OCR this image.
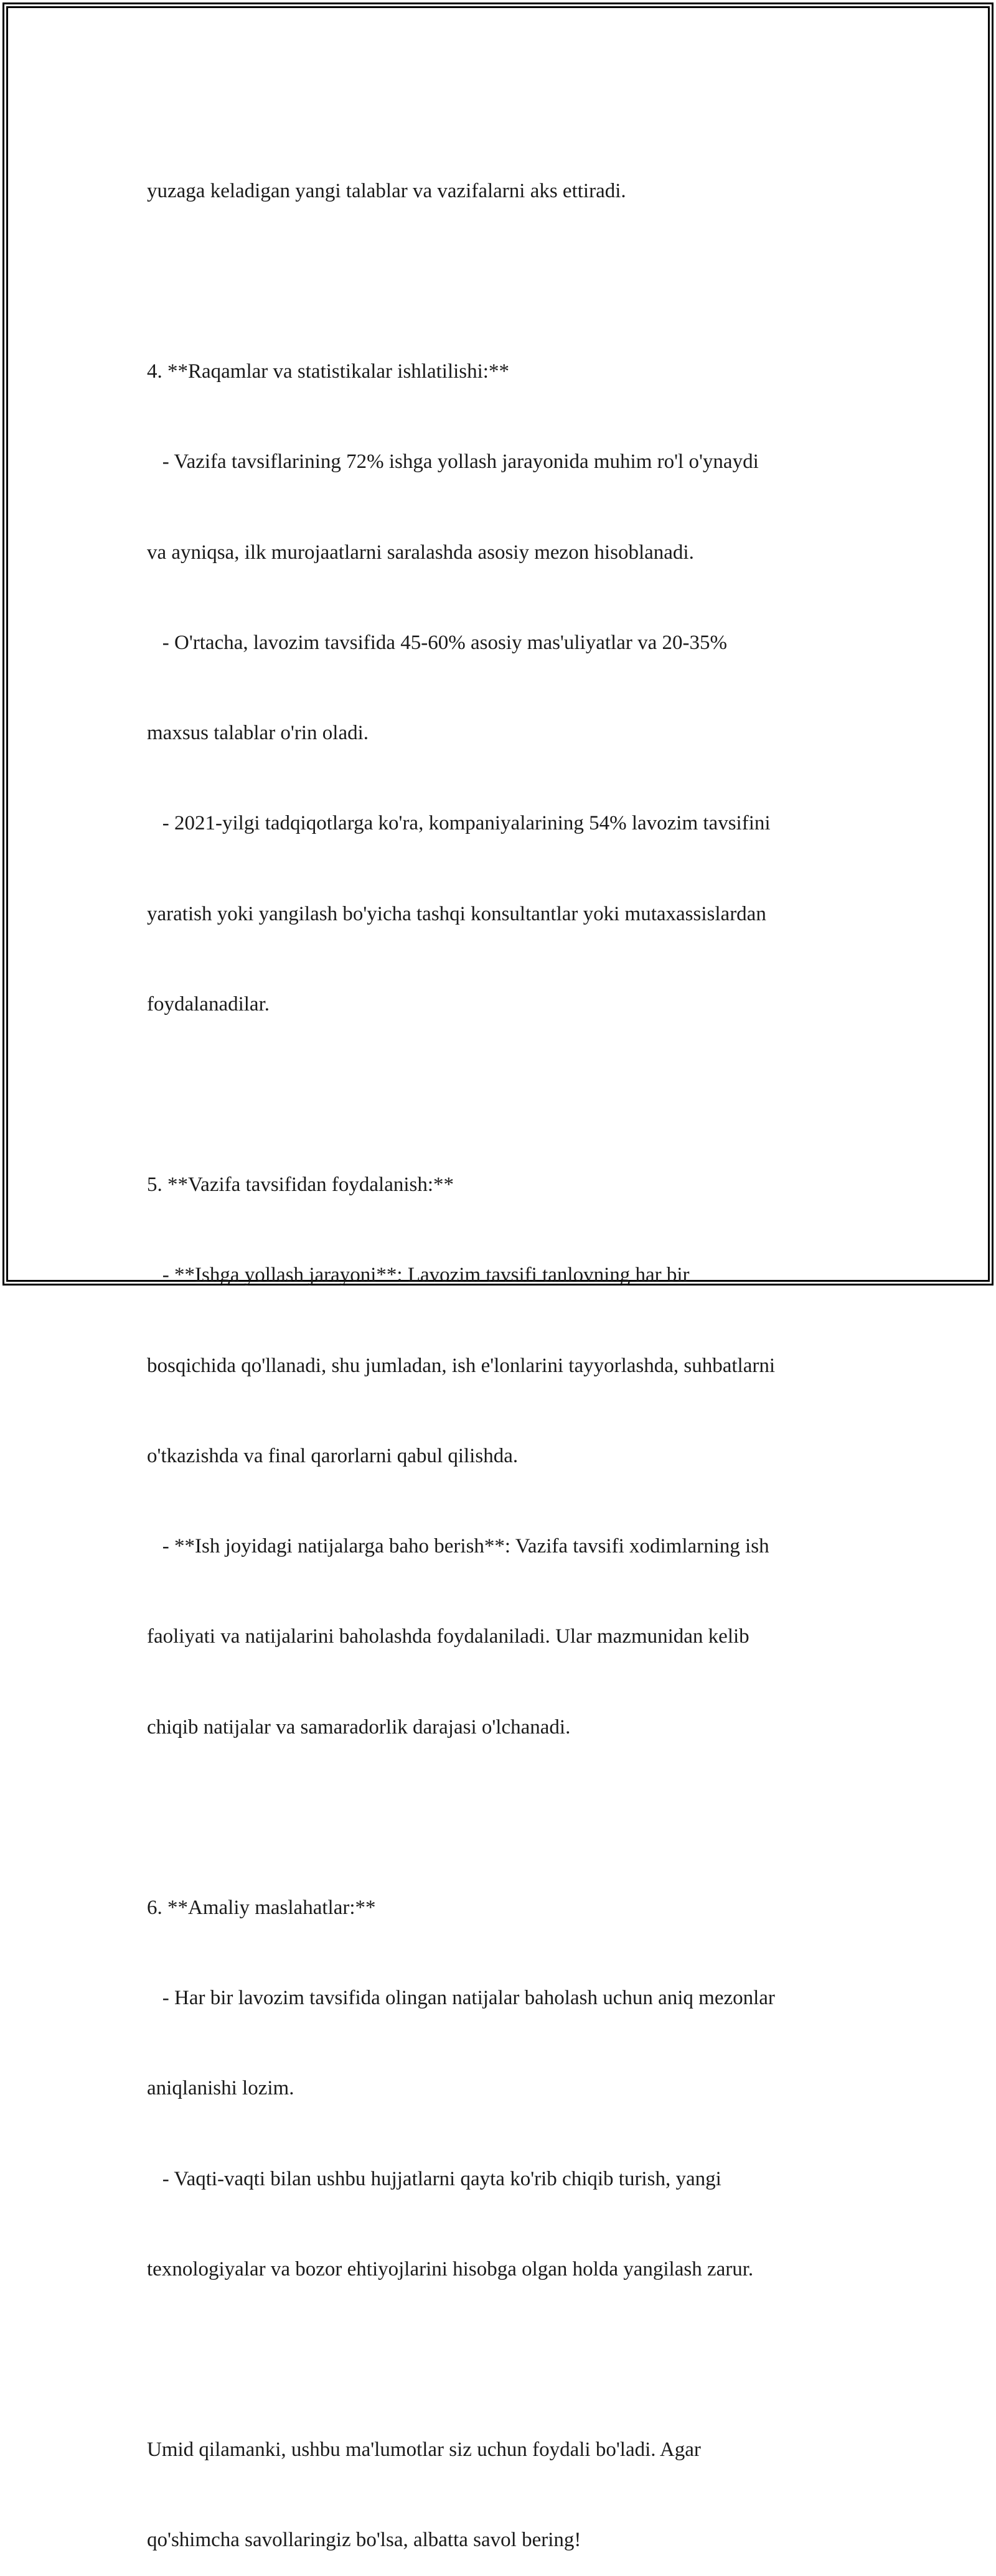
yuzaga keladigan yangi talablar va vazifalarni aks ettiradi.

4. **Raqamlar va statistikalar ishlatilishi:**

- Vazifa tavsiflarining 72% ishga yollash jarayonida muhim ro'l o'ynaydi

va ayniqsa, ilk murojaatlarni saralashda asosiy mezon hisoblanadi.

- O'rtacha, lavozim tavsifida 45-60% asosiy mas'uliyatlar va 20-35%

maxsus talablar o'rin oladi.

- 2021-yilgi tadqiqotlarga ko'ra, kompaniyalarining 54% lavozim tavsifini

yaratish yoki yangilash bo'yicha tashqi konsultantlar yoki mutaxassislardan

foydalanadilar.

5. **Vazifa tavsifidan foydalanish:**

- **Ishga yollash jarayoni**: Lavozim tavsifi tanlovning har bir

bosqichida qo'llanadi, shu jumladan, ish e'lonlarini tayyorlashda, suhbatlarni

o'tkazishda va final qarorlarni qabul qilishda.

- **Ish joyidagi natijalarga baho berish**: Vazifa tavsifi xodimlarning ish

faoliyati va natijalarini baholashda foydalaniladi. Ular mazmunidan kelib

chiqib natijalar va samaradorlik darajasi o'lchanadi.

6. **Amaliy maslahatlar:**

- Har bir lavozim tavsifida olingan natijalar baholash uchun aniq mezonlar

aniqlanishi lozim.

- Vaqti-vaqti bilan ushbu hujjatlarni qayta ko'rib chiqib turish, yangi

texnologiyalar va bozor ehtiyojlarini hisobga olgan holda yangilash zarur.

Umid qilamanki, ushbu ma'lumotlar siz uchun foydali bo'ladi. Agar

qo'shimcha savollaringiz bo'lsa, albatta savol bering!
